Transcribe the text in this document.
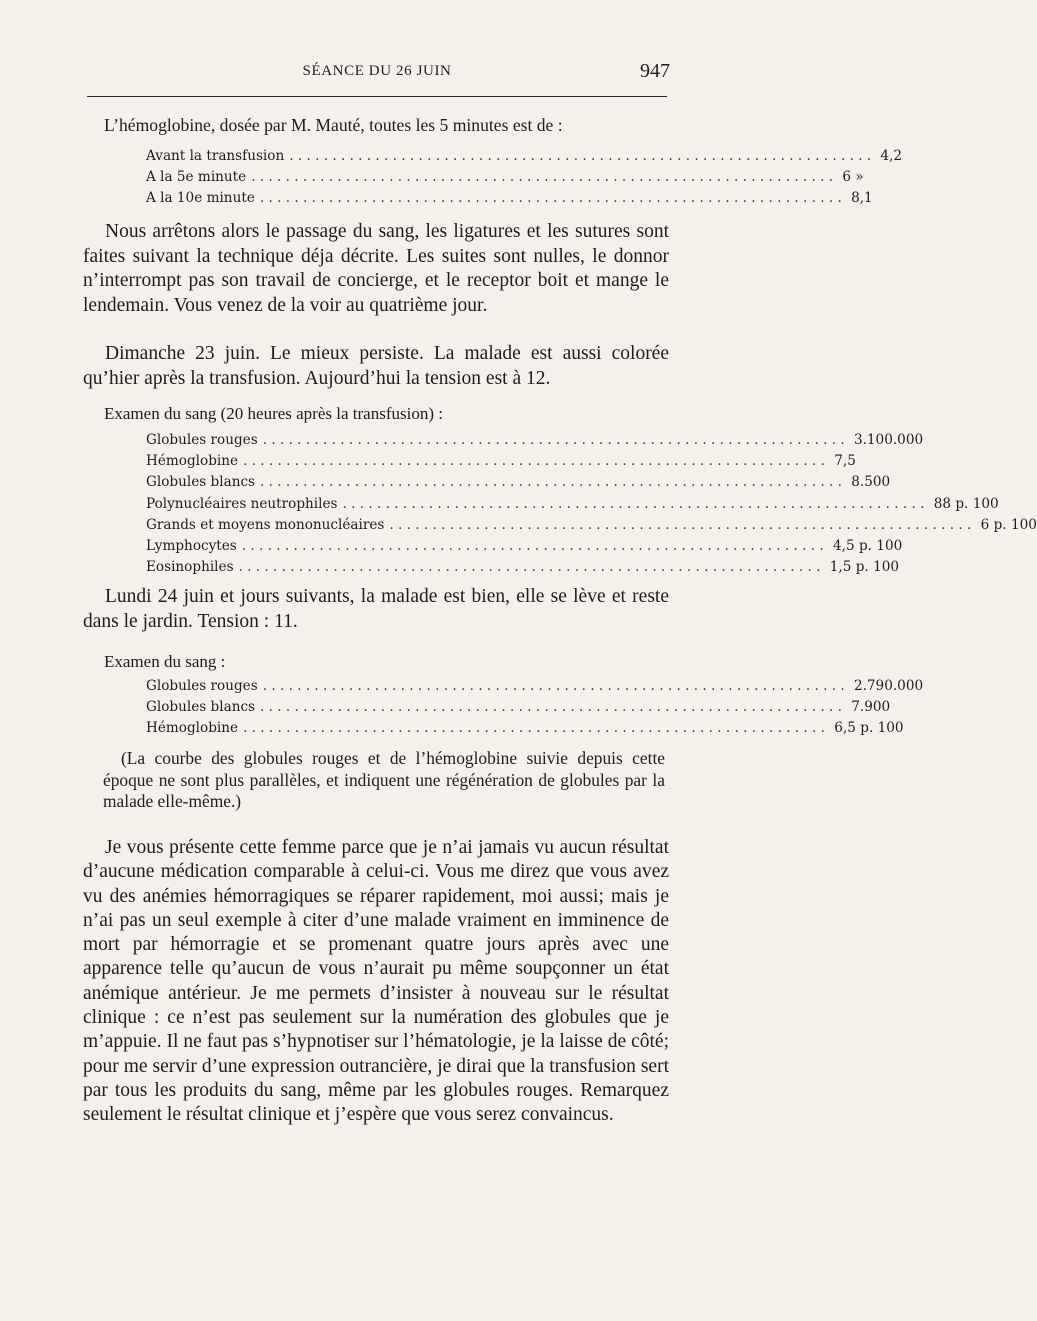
SÉANCE DU 26 JUIN	947
L’hémoglobine, dosée par M. Mauté, toutes les 5 minutes est de :
Avant la transfusion .................................................................... 4,2
A la 5e minute .................................................................... 6 »
A la 10e minute .................................................................... 8,1
Nous arrêtons alors le passage du sang, les ligatures et les sutures sont faites suivant la technique déja décrite. Les suites sont nulles, le donnor n’interrompt pas son travail de concierge, et le receptor boit et mange le lendemain. Vous venez de la voir au quatrième jour.
Dimanche 23 juin. Le mieux persiste. La malade est aussi colorée qu’hier après la transfusion. Aujourd’hui la tension est à 12.
Examen du sang (20 heures après la transfusion) :
Globules rouges .................................................................... 3.100.000
Hémoglobine .................................................................... 7,5
Globules blancs .................................................................... 8.500
Polynucléaires neutrophiles .................................................................... 88 p. 100
Grands et moyens mononucléaires .................................................................... 6 p. 100
Lymphocytes .................................................................... 4,5 p. 100
Eosinophiles .................................................................... 1,5 p. 100
Lundi 24 juin et jours suivants, la malade est bien, elle se lève et reste dans le jardin. Tension : 11.
Examen du sang :
Globules rouges .................................................................... 2.790.000
Globules blancs .................................................................... 7.900
Hémoglobine .................................................................... 6,5 p. 100
(La courbe des globules rouges et de l’hémoglobine suivie depuis cette époque ne sont plus parallèles, et indiquent une régénération de globules par la malade elle-même.)
Je vous présente cette femme parce que je n’ai jamais vu aucun résultat d’aucune médication comparable à celui-ci. Vous me direz que vous avez vu des anémies hémorragiques se réparer rapidement, moi aussi; mais je n’ai pas un seul exemple à citer d’une malade vraiment en imminence de mort par hémorragie et se promenant quatre jours après avec une apparence telle qu’aucun de vous n’aurait pu même soupçonner un état anémique antérieur. Je me permets d’insister à nouveau sur le résultat clinique : ce n’est pas seulement sur la numération des globules que je m’appuie. Il ne faut pas s’hypnotiser sur l’hématologie, je la laisse de côté; pour me servir d’une expression outrancière, je dirai que la transfusion sert par tous les produits du sang, même par les globules rouges. Remarquez seulement le résultat clinique et j’espère que vous serez convaincus.
